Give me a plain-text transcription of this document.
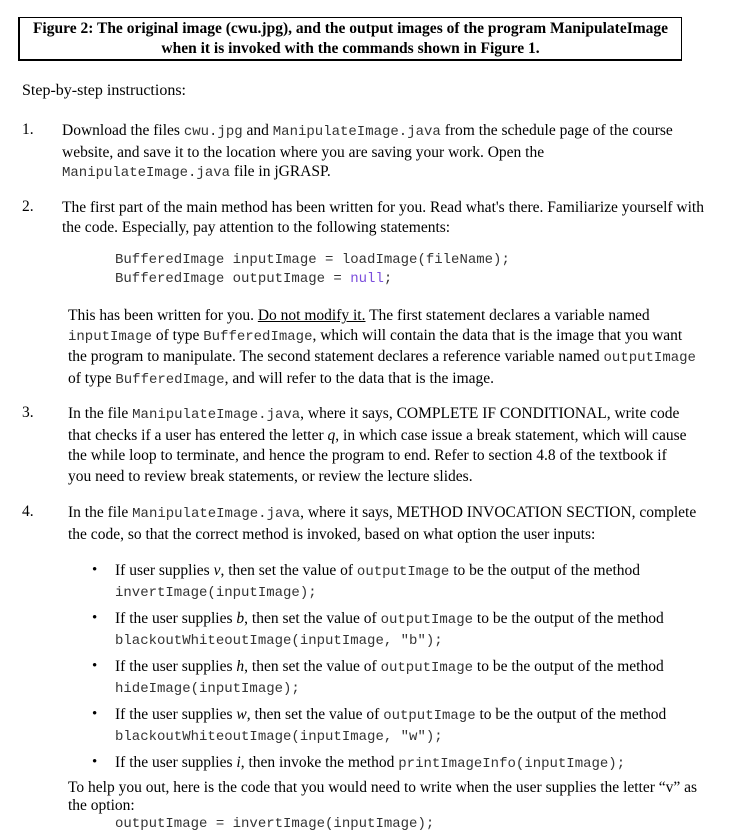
Figure 2: The original image (cwu.jpg), and the output images of the program ManipulateImage
when it is invoked with the commands shown in Figure 1.
Step-by-step instructions:
1. Download the files cwu.jpg and ManipulateImage.java from the schedule page of the course website, and save it to the location where you are saving your work. Open the ManipulateImage.java file in jGRASP.
2. The first part of the main method has been written for you. Read what's there. Familiarize yourself with the code. Especially, pay attention to the following statements:
BufferedImage inputImage = loadImage(fileName);
BufferedImage outputImage = null;
This has been written for you. Do not modify it. The first statement declares a variable named inputImage of type BufferedImage, which will contain the data that is the image that you want the program to manipulate. The second statement declares a reference variable named outputImage of type BufferedImage, and will refer to the data that is the image.
3. In the file ManipulateImage.java, where it says, COMPLETE IF CONDITIONAL, write code that checks if a user has entered the letter q, in which case issue a break statement, which will cause the while loop to terminate, and hence the program to end. Refer to section 4.8 of the textbook if you need to review break statements, or review the lecture slides.
4. In the file ManipulateImage.java, where it says, METHOD INVOCATION SECTION, complete the code, so that the correct method is invoked, based on what option the user inputs:
• If user supplies v, then set the value of outputImage to be the output of the method invertImage(inputImage);
• If the user supplies b, then set the value of outputImage to be the output of the method blackoutWhiteoutImage(inputImage, "b");
• If the user supplies h, then set the value of outputImage to be the output of the method hideImage(inputImage);
• If the user supplies w, then set the value of outputImage to be the output of the method blackoutWhiteoutImage(inputImage, "w");
• If the user supplies i, then invoke the method printImageInfo(inputImage);
To help you out, here is the code that you would need to write when the user supplies the letter “v” as the option:
outputImage = invertImage(inputImage);
